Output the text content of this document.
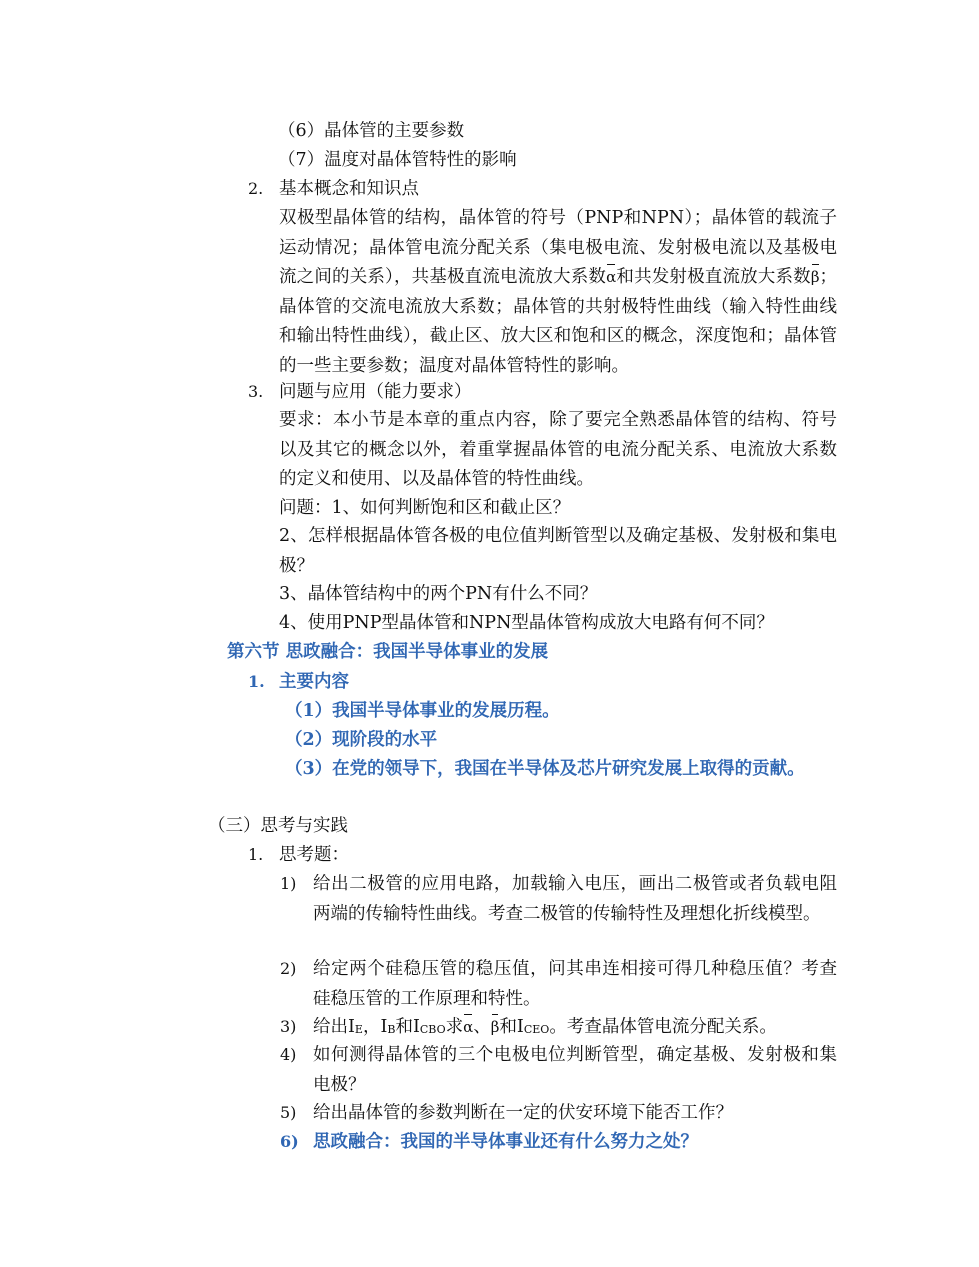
（6）晶体管的主要参数
（7）温度对晶体管特性的影响
2. 基本概念和知识点
双极型晶体管的结构，晶体管的符号（PNP和NPN）；晶体管的载流子运动情况；晶体管电流分配关系（集电极电流、发射极电流以及基极电流之间的关系），共基极直流电流放大系数
α和共发射极直流放大系数
β；晶体管的交流电流放大系数；晶体管的共射极特性曲线（输入特性曲线和输出特性曲线），截止区、放大区和饱和区的概念，深度饱和；晶体管的一些主要参数；温度对晶体管特性的影响。
3. 问题与应用（能力要求）
要求：本小节是本章的重点内容，除了要完全熟悉晶体管的结构、符号以及其它的概念以外，着重掌握晶体管的电流分配关系、电流放大系数的定义和使用、以及晶体管的特性曲线。
问题：1、如何判断饱和区和截止区？
2、怎样根据晶体管各极的电位值判断管型以及确定基极、发射极和集电极？
3、晶体管结构中的两个PN有什么不同？
4、使用PNP型晶体管和NPN型晶体管构成放大电路有何不同？
第六节 思政融合：我国半导体事业的发展
1. 主要内容
（1）我国半导体事业的发展历程。
（2）现阶段的水平
（3）在党的领导下，我国在半导体及芯片研究发展上取得的贡献。
（三）思考与实践
1. 思考题：
1) 给出二极管的应用电路，加载输入电压，画出二极管或者负载电阻两端的传输特性曲线。考查二极管的传输特性及理想化折线模型。
2) 给定两个硅稳压管的稳压值，问其串连相接可得几种稳压值？考查硅稳压管的工作原理和特性。
3) 给出$I_E$，$I_B$和$I_{CBO}$求
α、
β和$I_{CEO}$。考查晶体管电流分配关系。
4) 如何测得晶体管的三个电极电位判断管型，确定基极、发射极和集电极？
5) 给出晶体管的参数判断在一定的伏安环境下能否工作？
6) 思政融合：我国的半导体事业还有什么努力之处？
